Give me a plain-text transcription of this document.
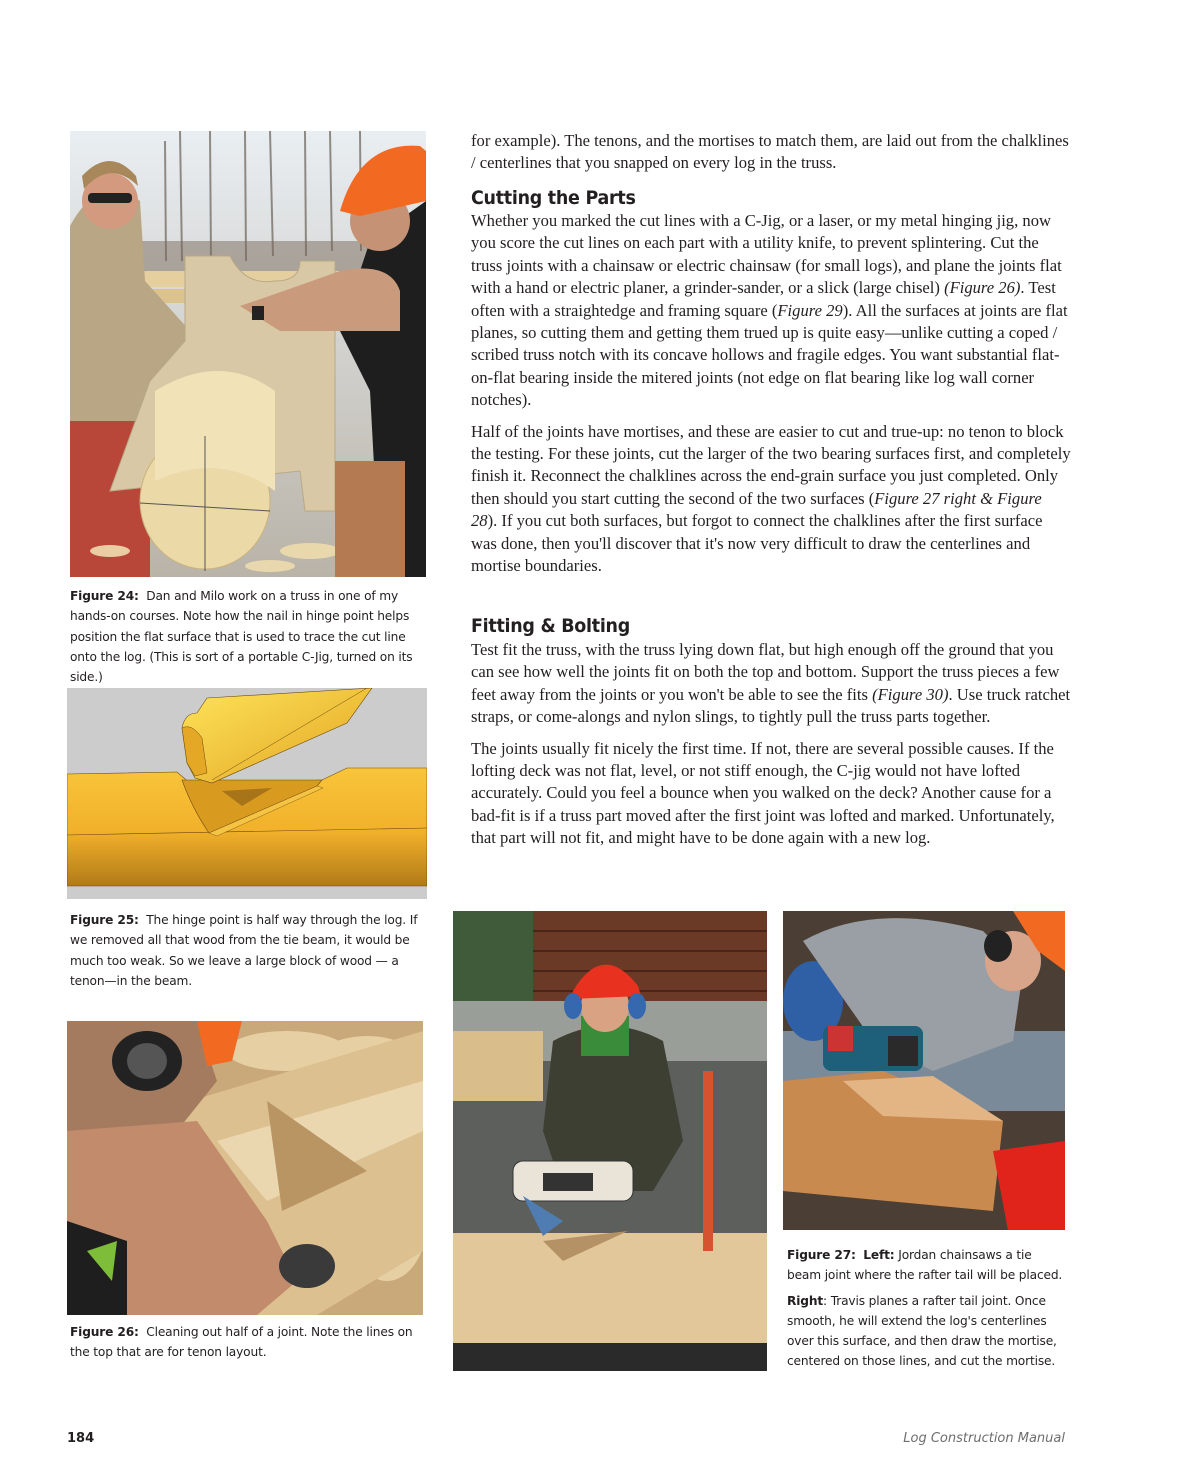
Figure 24: Dan and Milo work on a truss in one of my hands-on courses. Note how the nail in hinge point helps position the flat surface that is used to trace the cut line onto the log. (This is sort of a portable C-Jig, turned on its side.)

Figure 25: The hinge point is half way through the log. If we removed all that wood from the tie beam, it would be much too weak. So we leave a large block of wood — a tenon—in the beam.

Figure 26: Cleaning out half of a joint. Note the lines on the top that are for tenon layout.

for example). The tenons, and the mortises to match them, are laid out from the chalklines / centerlines that you snapped on every log in the truss.

Cutting the Parts

Whether you marked the cut lines with a C-Jig, or a laser, or my metal hinging jig, now you score the cut lines on each part with a utility knife, to prevent splintering. Cut the truss joints with a chainsaw or electric chainsaw (for small logs), and plane the joints flat with a hand or electric planer, a grinder-sander, or a slick (large chisel) (Figure 26). Test often with a straightedge and framing square (Figure 29). All the surfaces at joints are flat planes, so cutting them and getting them trued up is quite easy—unlike cutting a coped / scribed truss notch with its concave hollows and fragile edges. You want substantial flat-on-flat bearing inside the mitered joints (not edge on flat bearing like log wall corner notches).

Half of the joints have mortises, and these are easier to cut and true-up: no tenon to block the testing. For these joints, cut the larger of the two bearing surfaces first, and completely finish it. Reconnect the chalklines across the end-grain surface you just completed. Only then should you start cutting the second of the two surfaces (Figure 27 right & Figure 28). If you cut both surfaces, but forgot to connect the chalklines after the first surface was done, then you'll discover that it's now very difficult to draw the centerlines and mortise boundaries.

Fitting & Bolting

Test fit the truss, with the truss lying down flat, but high enough off the ground that you can see how well the joints fit on both the top and bottom. Support the truss pieces a few feet away from the joints or you won't be able to see the fits (Figure 30). Use truck ratchet straps, or come-alongs and nylon slings, to tightly pull the truss parts together.

The joints usually fit nicely the first time. If not, there are several possible causes. If the lofting deck was not flat, level, or not stiff enough, the C-jig would not have lofted accurately. Could you feel a bounce when you walked on the deck? Another cause for a bad-fit is if a truss part moved after the first joint was lofted and marked. Unfortunately, that part will not fit, and might have to be done again with a new log.

Figure 27: Left: Jordan chainsaws a tie beam joint where the rafter tail will be placed.

Right: Travis planes a rafter tail joint. Once smooth, he will extend the log's centerlines over this surface, and then draw the mortise, centered on those lines, and cut the mortise.

184	Log Construction Manual
